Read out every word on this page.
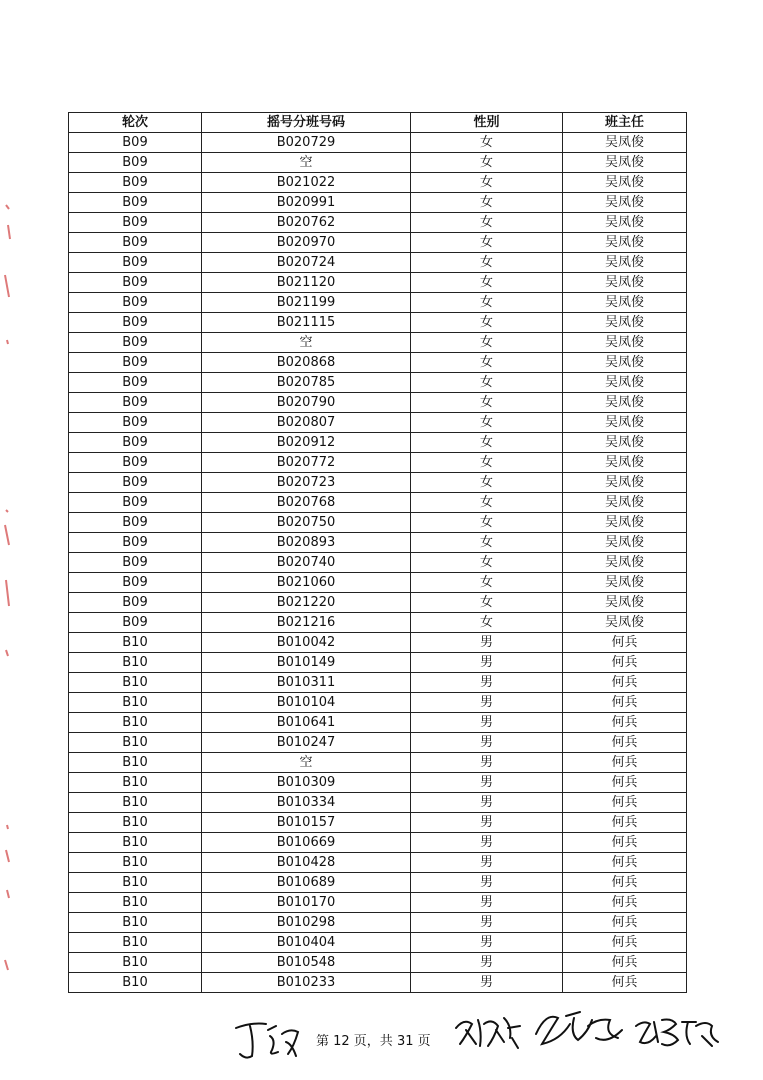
轮次	摇号分班号码	性别	班主任
B09	B020729	女	吴凤俊
B09	空	女	吴凤俊
B09	B021022	女	吴凤俊
B09	B020991	女	吴凤俊
B09	B020762	女	吴凤俊
B09	B020970	女	吴凤俊
B09	B020724	女	吴凤俊
B09	B021120	女	吴凤俊
B09	B021199	女	吴凤俊
B09	B021115	女	吴凤俊
B09	空	女	吴凤俊
B09	B020868	女	吴凤俊
B09	B020785	女	吴凤俊
B09	B020790	女	吴凤俊
B09	B020807	女	吴凤俊
B09	B020912	女	吴凤俊
B09	B020772	女	吴凤俊
B09	B020723	女	吴凤俊
B09	B020768	女	吴凤俊
B09	B020750	女	吴凤俊
B09	B020893	女	吴凤俊
B09	B020740	女	吴凤俊
B09	B021060	女	吴凤俊
B09	B021220	女	吴凤俊
B09	B021216	女	吴凤俊
B10	B010042	男	何兵
B10	B010149	男	何兵
B10	B010311	男	何兵
B10	B010104	男	何兵
B10	B010641	男	何兵
B10	B010247	男	何兵
B10	空	男	何兵
B10	B010309	男	何兵
B10	B010334	男	何兵
B10	B010157	男	何兵
B10	B010669	男	何兵
B10	B010428	男	何兵
B10	B010689	男	何兵
B10	B010170	男	何兵
B10	B010298	男	何兵
B10	B010404	男	何兵
B10	B010548	男	何兵
B10	B010233	男	何兵
第 12 页，共 31 页
